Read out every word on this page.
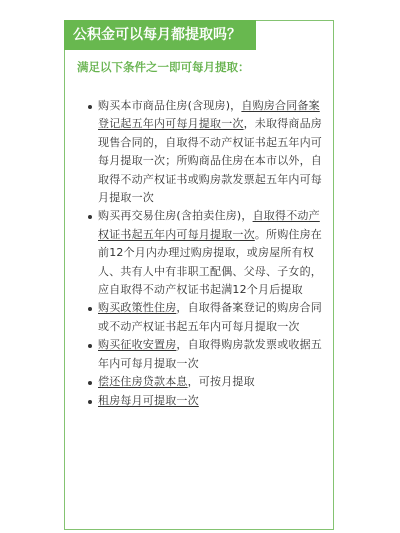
公积金可以每月都提取吗？
满足以下条件之一即可每月提取：
购买本市商品住房(含现房)，自购房合同备案登记起五年内可每月提取一次，未取得商品房现售合同的，自取得不动产权证书起五年内可每月提取一次；所购商品住房在本市以外，自取得不动产权证书或购房款发票起五年内可每月提取一次
购买再交易住房(含拍卖住房)，自取得不动产权证书起五年内可每月提取一次。所购住房在前12个月内办理过购房提取，或房屋所有权人、共有人中有非职工配偶、父母、子女的，应自取得不动产权证书起满12个月后提取
购买政策性住房，自取得备案登记的购房合同或不动产权证书起五年内可每月提取一次
购买征收安置房，自取得购房款发票或收据五年内可每月提取一次
偿还住房贷款本息，可按月提取
租房每月可提取一次
